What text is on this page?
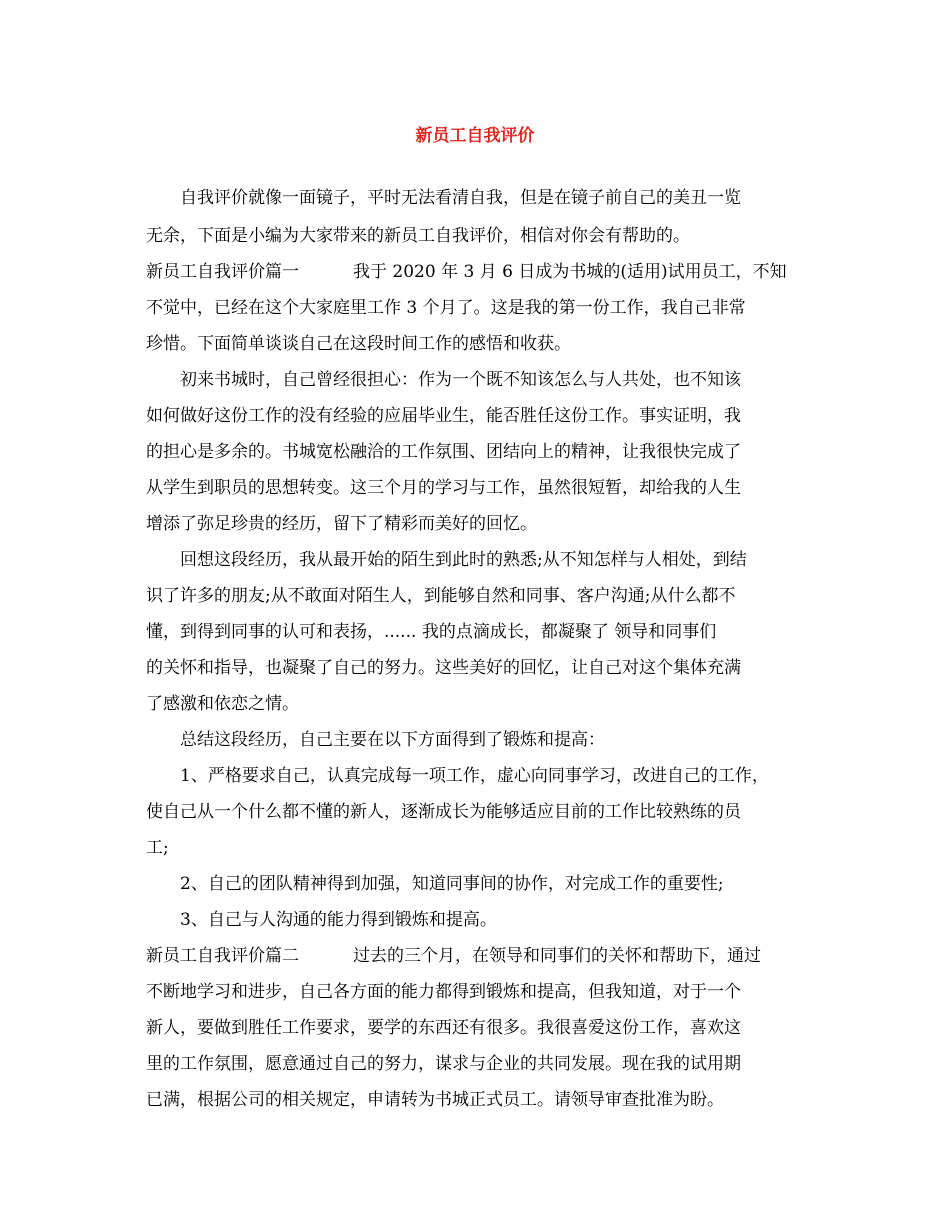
新员工自我评价
自我评价就像一面镜子，平时无法看清自我，但是在镜子前自己的美丑一览
无余，下面是小编为大家带来的新员工自我评价，相信对你会有帮助的。
新员工自我评价篇一	我于 2020 年 3 月 6 日成为书城的(适用)试用员工，不知
不觉中，已经在这个大家庭里工作 3 个月了。这是我的第一份工作，我自己非常
珍惜。下面简单谈谈自己在这段时间工作的感悟和收获。
初来书城时，自己曾经很担心：作为一个既不知该怎么与人共处，也不知该
如何做好这份工作的没有经验的应届毕业生，能否胜任这份工作。事实证明，我
的担心是多余的。书城宽松融洽的工作氛围、团结向上的精神，让我很快完成了
从学生到职员的思想转变。这三个月的学习与工作，虽然很短暂，却给我的人生
增添了弥足珍贵的经历，留下了精彩而美好的回忆。
回想这段经历，我从最开始的陌生到此时的熟悉;从不知怎样与人相处，到结
识了许多的朋友;从不敢面对陌生人，到能够自然和同事、客户沟通;从什么都不
懂，到得到同事的认可和表扬，...... 我的点滴成长，都凝聚了 领导和同事们
的关怀和指导，也凝聚了自己的努力。这些美好的回忆，让自己对这个集体充满
了感激和依恋之情。
总结这段经历，自己主要在以下方面得到了锻炼和提高：
1、严格要求自己，认真完成每一项工作，虚心向同事学习，改进自己的工作，
使自己从一个什么都不懂的新人，逐渐成长为能够适应目前的工作比较熟练的员
工;
2、自己的团队精神得到加强，知道同事间的协作，对完成工作的重要性;
3、自己与人沟通的能力得到锻炼和提高。
新员工自我评价篇二	过去的三个月，在领导和同事们的关怀和帮助下，通过
不断地学习和进步，自己各方面的能力都得到锻炼和提高，但我知道，对于一个
新人，要做到胜任工作要求，要学的东西还有很多。我很喜爱这份工作，喜欢这
里的工作氛围，愿意通过自己的努力，谋求与企业的共同发展。现在我的试用期
已满，根据公司的相关规定，申请转为书城正式员工。请领导审查批准为盼。
